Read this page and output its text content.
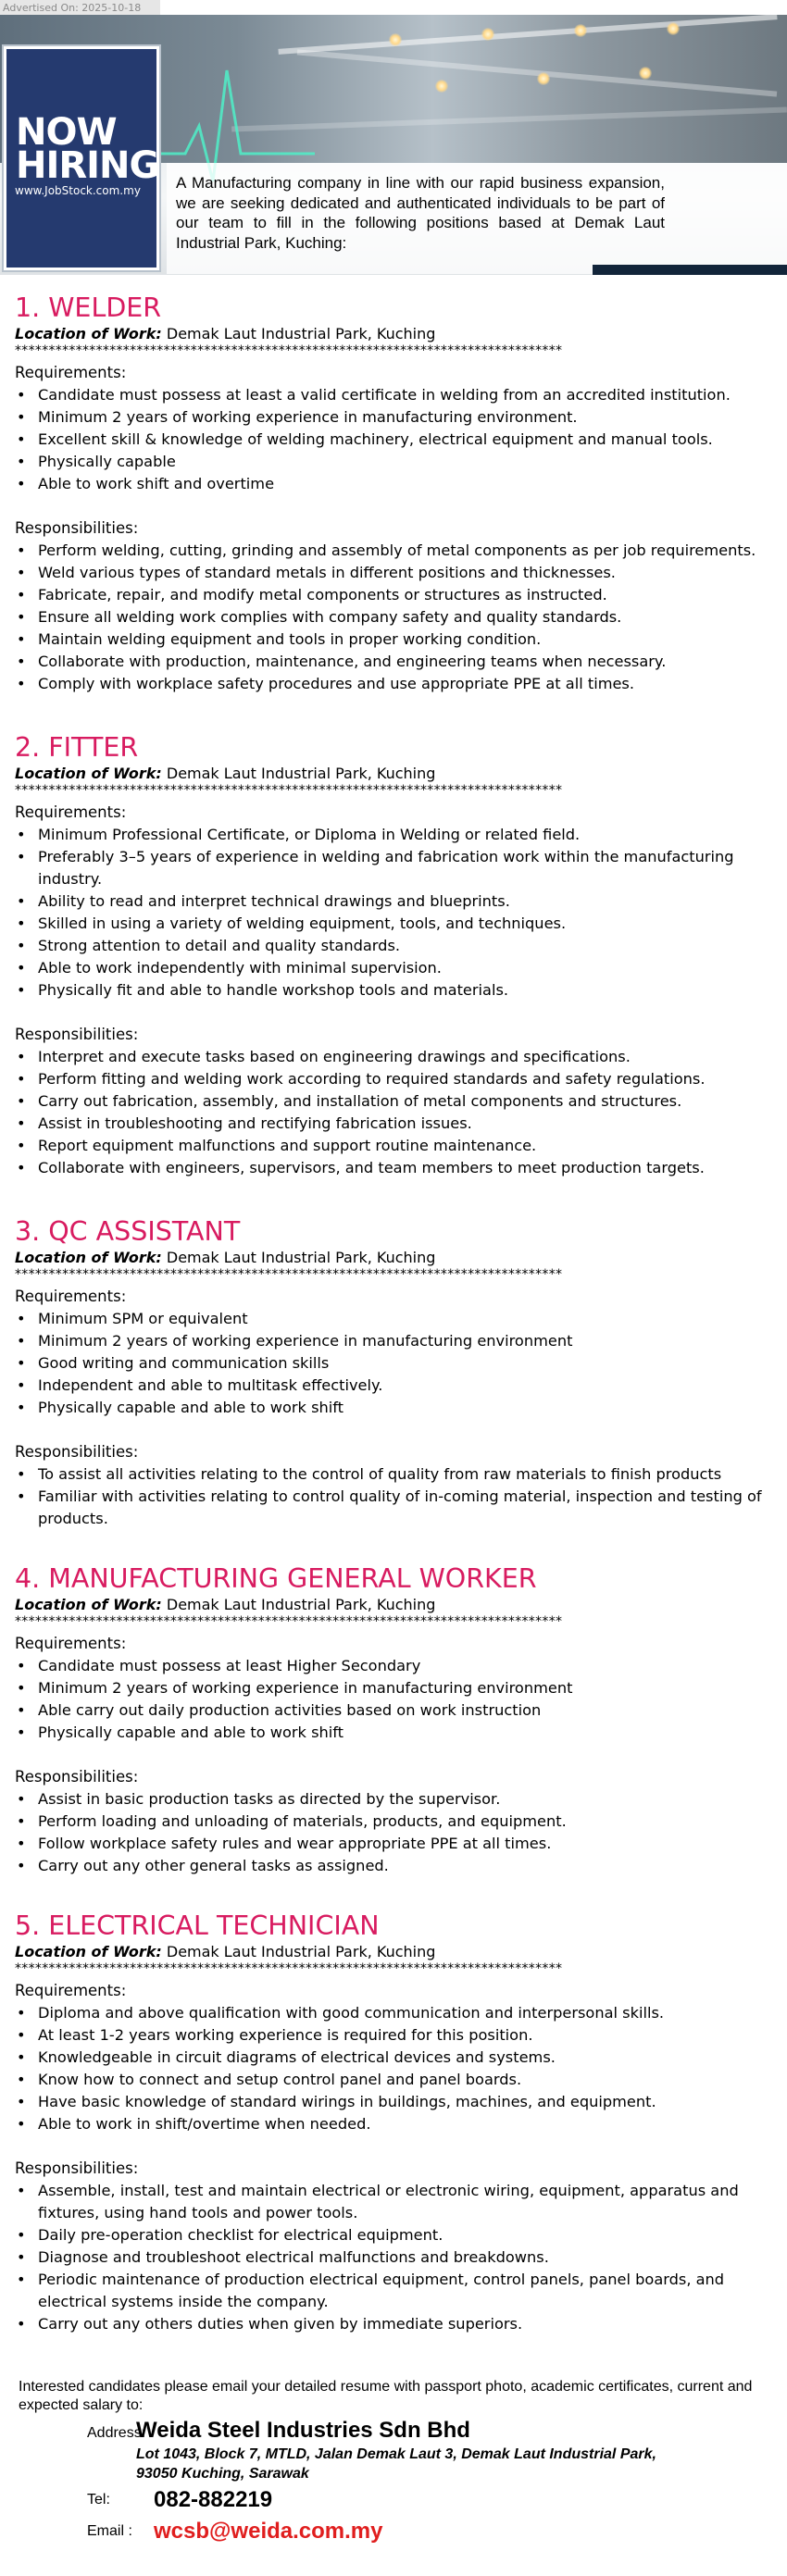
Advertised On: 2025-10-18
NOW
HIRING
www.JobStock.com.my A Manufacturing company in line with our rapid business expansion, we are seeking dedicated and authenticated individuals to be part of our team to fill in the following positions based at Demak Laut Industrial Park, Kuching:
1. WELDER
Location of Work: Demak Laut Industrial Park, Kuching
*********************************************************************************
Requirements:
• Candidate must possess at least a valid certificate in welding from an accredited institution.
• Minimum 2 years of working experience in manufacturing environment.
• Excellent skill & knowledge of welding machinery, electrical equipment and manual tools.
• Physically capable
• Able to work shift and overtime
Responsibilities:
• Perform welding, cutting, grinding and assembly of metal components as per job requirements.
• Weld various types of standard metals in different positions and thicknesses.
• Fabricate, repair, and modify metal components or structures as instructed.
• Ensure all welding work complies with company safety and quality standards.
• Maintain welding equipment and tools in proper working condition.
• Collaborate with production, maintenance, and engineering teams when necessary.
• Comply with workplace safety procedures and use appropriate PPE at all times.
2. FITTER
Location of Work: Demak Laut Industrial Park, Kuching
*********************************************************************************
Requirements:
• Minimum Professional Certificate, or Diploma in Welding or related field.
• Preferably 3–5 years of experience in welding and fabrication work within the manufacturing industry.
• Ability to read and interpret technical drawings and blueprints.
• Skilled in using a variety of welding equipment, tools, and techniques.
• Strong attention to detail and quality standards.
• Able to work independently with minimal supervision.
• Physically fit and able to handle workshop tools and materials.
Responsibilities:
• Interpret and execute tasks based on engineering drawings and specifications.
• Perform fitting and welding work according to required standards and safety regulations.
• Carry out fabrication, assembly, and installation of metal components and structures.
• Assist in troubleshooting and rectifying fabrication issues.
• Report equipment malfunctions and support routine maintenance.
• Collaborate with engineers, supervisors, and team members to meet production targets.
3. QC ASSISTANT
Location of Work: Demak Laut Industrial Park, Kuching
*********************************************************************************
Requirements:
• Minimum SPM or equivalent
• Minimum 2 years of working experience in manufacturing environment
• Good writing and communication skills
• Independent and able to multitask effectively.
• Physically capable and able to work shift
Responsibilities:
• To assist all activities relating to the control of quality from raw materials to finish products
• Familiar with activities relating to control quality of in-coming material, inspection and testing of products.
4. MANUFACTURING GENERAL WORKER
Location of Work: Demak Laut Industrial Park, Kuching
*********************************************************************************
Requirements:
• Candidate must possess at least Higher Secondary
• Minimum 2 years of working experience in manufacturing environment
• Able carry out daily production activities based on work instruction
• Physically capable and able to work shift
Responsibilities:
• Assist in basic production tasks as directed by the supervisor.
• Perform loading and unloading of materials, products, and equipment.
• Follow workplace safety rules and wear appropriate PPE at all times.
• Carry out any other general tasks as assigned.
5. ELECTRICAL TECHNICIAN
Location of Work: Demak Laut Industrial Park, Kuching
*********************************************************************************
Requirements:
• Diploma and above qualification with good communication and interpersonal skills.
• At least 1-2 years working experience is required for this position.
• Knowledgeable in circuit diagrams of electrical devices and systems.
• Know how to connect and setup control panel and panel boards.
• Have basic knowledge of standard wirings in buildings, machines, and equipment.
• Able to work in shift/overtime when needed.
Responsibilities:
• Assemble, install, test and maintain electrical or electronic wiring, equipment, apparatus and fixtures, using hand tools and power tools.
• Daily pre-operation checklist for electrical equipment.
• Diagnose and troubleshoot electrical malfunctions and breakdowns.
• Periodic maintenance of production electrical equipment, control panels, panel boards, and electrical systems inside the company.
• Carry out any others duties when given by immediate superiors.
Interested candidates please email your detailed resume with passport photo, academic certificates, current and expected salary to:
Address:
Weida Steel Industries Sdn Bhd
Lot 1043, Block 7, MTLD, Jalan Demak Laut 3, Demak Laut Industrial Park,
93050 Kuching, Sarawak
Tel: 082-882219
Email : wcsb@weida.com.my
